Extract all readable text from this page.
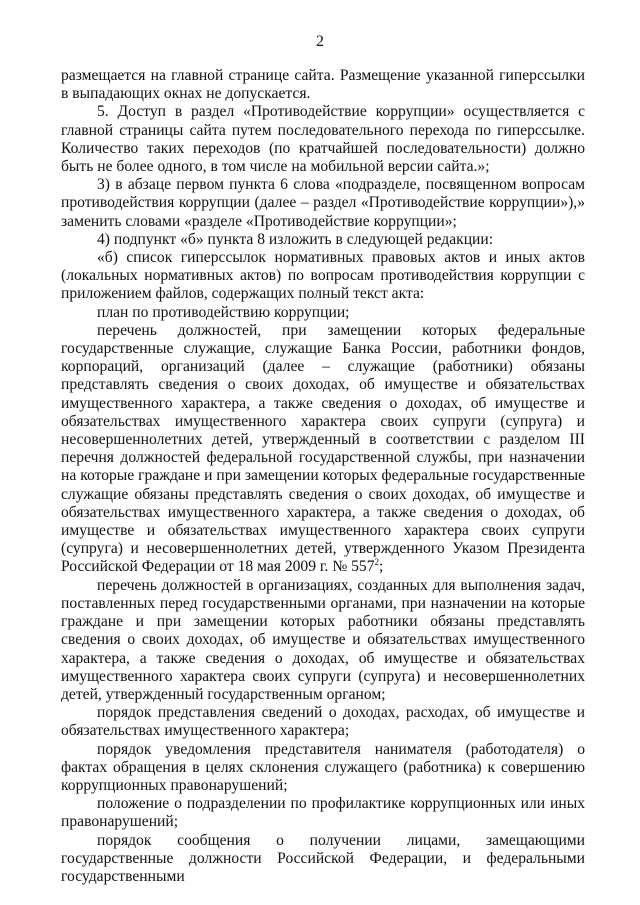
2

размещается на главной странице сайта. Размещение указанной гиперссылки в выпадающих окнах не допускается.

5. Доступ в раздел «Противодействие коррупции» осуществляется с главной страницы сайта путем последовательного перехода по гиперссылке. Количество таких переходов (по кратчайшей последовательности) должно быть не более одного, в том числе на мобильной версии сайта.»;

3) в абзаце первом пункта 6 слова «подразделе, посвященном вопросам противодействия коррупции (далее – раздел «Противодействие коррупции»),» заменить словами «разделе «Противодействие коррупции»;

4) подпункт «б» пункта 8 изложить в следующей редакции:

«б) список гиперссылок нормативных правовых актов и иных актов (локальных нормативных актов) по вопросам противодействия коррупции с приложением файлов, содержащих полный текст акта:

план по противодействию коррупции;

перечень должностей, при замещении которых федеральные государственные служащие, служащие Банка России, работники фондов, корпораций, организаций (далее – служащие (работники) обязаны представлять сведения о своих доходах, об имуществе и обязательствах имущественного характера, а также сведения о доходах, об имуществе и обязательствах имущественного характера своих супруги (супруга) и несовершеннолетних детей, утвержденный в соответствии с разделом III перечня должностей федеральной государственной службы, при назначении на которые граждане и при замещении которых федеральные государственные служащие обязаны представлять сведения о своих доходах, об имуществе и обязательствах имущественного характера, а также сведения о доходах, об имуществе и обязательствах имущественного характера своих супруги (супруга) и несовершеннолетних детей, утвержденного Указом Президента Российской Федерации от 18 мая 2009 г. № $557^2$;

перечень должностей в организациях, созданных для выполнения задач, поставленных перед государственными органами, при назначении на которые граждане и при замещении которых работники обязаны представлять сведения о своих доходах, об имуществе и обязательствах имущественного характера, а также сведения о доходах, об имуществе и обязательствах имущественного характера своих супруги (супруга) и несовершеннолетних детей, утвержденный государственным органом;

порядок представления сведений о доходах, расходах, об имуществе и обязательствах имущественного характера;

порядок уведомления представителя нанимателя (работодателя) о фактах обращения в целях склонения служащего (работника) к совершению коррупционных правонарушений;

положение о подразделении по профилактике коррупционных или иных правонарушений;

порядок сообщения о получении лицами, замещающими государственные должности Российской Федерации, и федеральными государственными
